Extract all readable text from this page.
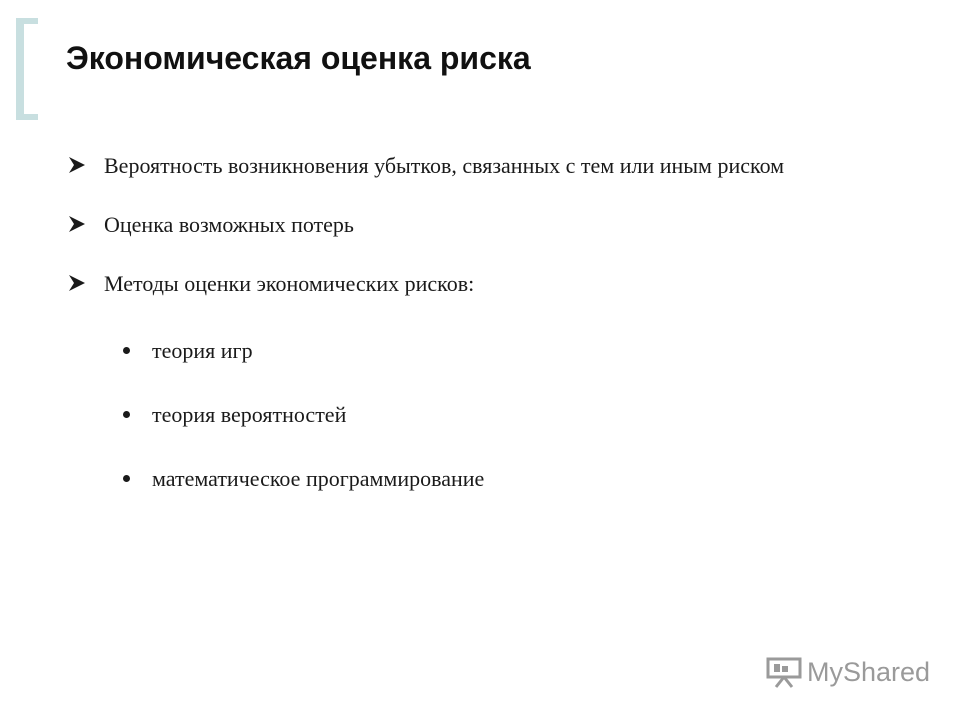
Экономическая оценка риска
Вероятность возникновения убытков, связанных с тем или иным риском
Оценка возможных потерь
Методы оценки экономических рисков:
теория игр
теория вероятностей
математическое программирование
MyShared
